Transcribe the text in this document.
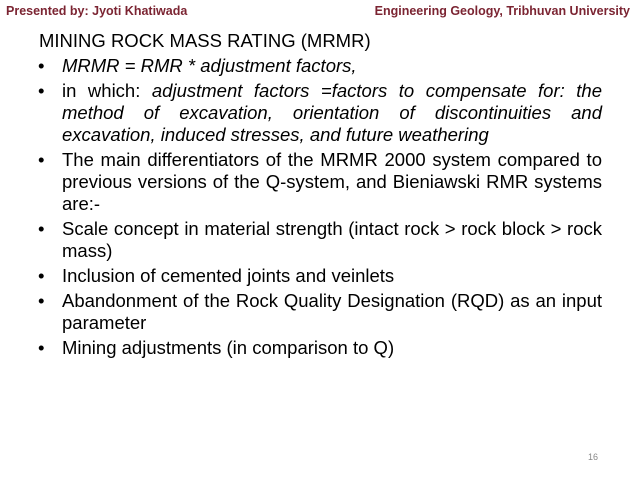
Presented by: Jyoti Khatiwada	Engineering Geology, Tribhuvan University
MINING ROCK MASS RATING (MRMR)
• MRMR = RMR * adjustment factors,
• in which: adjustment factors =factors to compensate for: the method of excavation, orientation of discontinuities and excavation, induced stresses, and future weathering
• The main differentiators of the MRMR 2000 system compared to previous versions of the Q-system, and Bieniawski RMR systems are:-
• Scale concept in material strength (intact rock > rock block > rock mass)
• Inclusion of cemented joints and veinlets
• Abandonment of the Rock Quality Designation (RQD) as an input parameter
• Mining adjustments (in comparison to Q)
16
